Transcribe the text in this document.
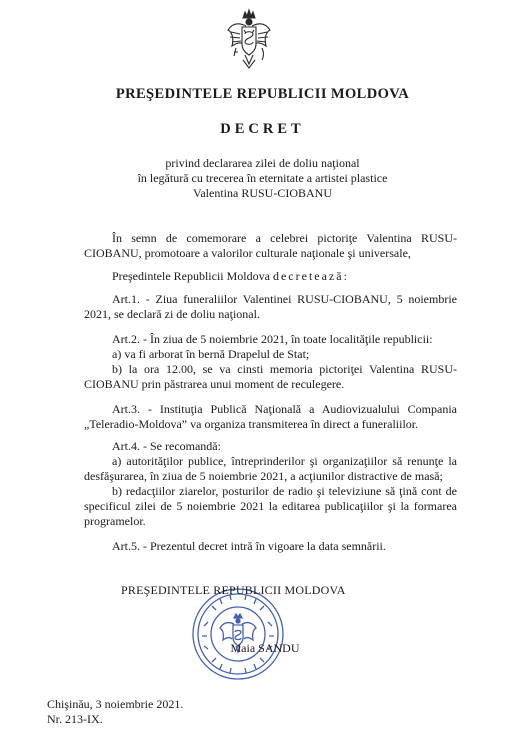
PREŞEDINTELE REPUBLICII MOLDOVA
DECRET
privind declararea zilei de doliu naţional
în legătură cu trecerea în eternitate a artistei plastice
Valentina RUSU-CIOBANU

În semn de comemorare a celebrei pictoriţe Valentina RUSU-CIOBANU, promotoare a valorilor culturale naţionale şi universale,

Preşedintele Republicii Moldova decretează:

Art.1. - Ziua funeraliilor Valentinei RUSU-CIOBANU, 5 noiembrie 2021, se declară zi de doliu naţional.

Art.2. - În ziua de 5 noiembrie 2021, în toate localităţile republicii:

a) va fi arborat în bernă Drapelul de Stat;

b) la ora 12.00, se va cinsti memoria pictoriţei Valentina RUSU-CIOBANU prin păstrarea unui moment de reculegere.

Art.3. - Instituţia Publică Naţională a Audiovizualului Compania „Teleradio-Moldova” va organiza transmiterea în direct a funeraliilor.

Art.4. - Se recomandă:

a) autorităţilor publice, întreprinderilor şi organizaţiilor să renunţe la desfăşurarea, în ziua de 5 noiembrie 2021, a acţiunilor distractive de masă;

b) redacţiilor ziarelor, posturilor de radio şi televiziune să ţină cont de specificul zilei de 5 noiembrie 2021 la editarea publicaţiilor şi la formarea programelor.

Art.5. - Prezentul decret intră în vigoare la data semnării.

PREŞEDINTELE REPUBLICII MOLDOVA
Maia SANDU
Chişinău, 3 noiembrie 2021.
Nr. 213-IX.
